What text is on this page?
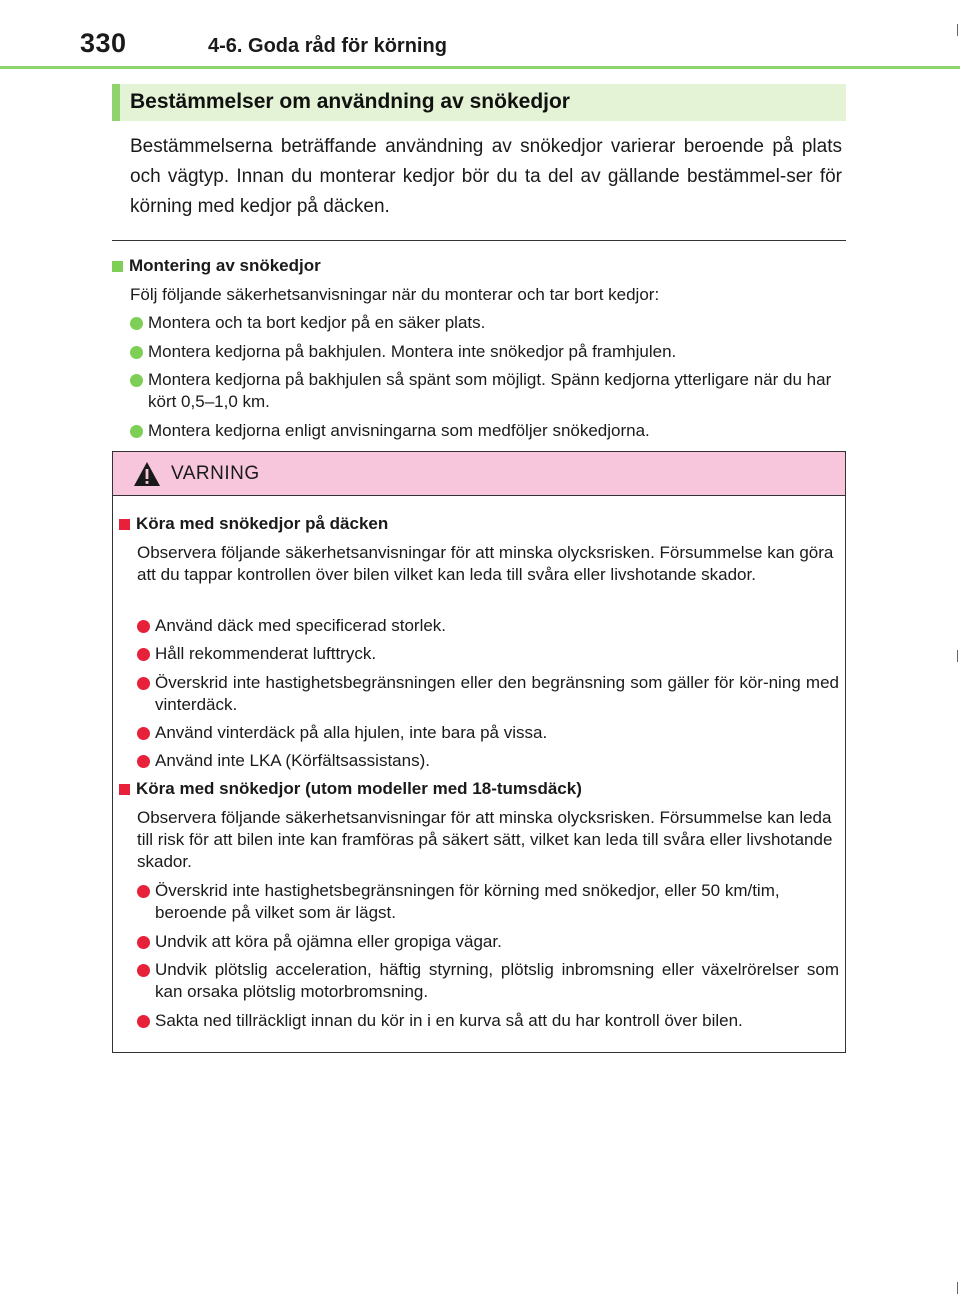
330	4-6. Goda råd för körning
Bestämmelser om användning av snökedjor
Bestämmelserna beträffande användning av snökedjor varierar beroende på plats och vägtyp. Innan du monterar kedjor bör du ta del av gällande bestämmel-ser för körning med kedjor på däcken.
Montering av snökedjor
Följ följande säkerhetsanvisningar när du monterar och tar bort kedjor:
Montera och ta bort kedjor på en säker plats.
Montera kedjorna på bakhjulen. Montera inte snökedjor på framhjulen.
Montera kedjorna på bakhjulen så spänt som möjligt. Spänn kedjorna ytterligare när du har kört 0,5–1,0 km.
Montera kedjorna enligt anvisningarna som medföljer snökedjorna.
VARNING
Köra med snökedjor på däcken
Observera följande säkerhetsanvisningar för att minska olycksrisken. Försummelse kan göra att du tappar kontrollen över bilen vilket kan leda till svåra eller livshotande skador.
Använd däck med specificerad storlek.
Håll rekommenderat lufttryck.
Överskrid inte hastighetsbegränsningen eller den begränsning som gäller för kör-ning med vinterdäck.
Använd vinterdäck på alla hjulen, inte bara på vissa.
Använd inte LKA (Körfältsassistans).
Köra med snökedjor (utom modeller med 18-tumsdäck)
Observera följande säkerhetsanvisningar för att minska olycksrisken. Försummelse kan leda till risk för att bilen inte kan framföras på säkert sätt, vilket kan leda till svåra eller livshotande skador.
Överskrid inte hastighetsbegränsningen för körning med snökedjor, eller 50 km/tim, beroende på vilket som är lägst.
Undvik att köra på ojämna eller gropiga vägar.
Undvik plötslig acceleration, häftig styrning, plötslig inbromsning eller växelrörelser som kan orsaka plötslig motorbromsning.
Sakta ned tillräckligt innan du kör in i en kurva så att du har kontroll över bilen.
